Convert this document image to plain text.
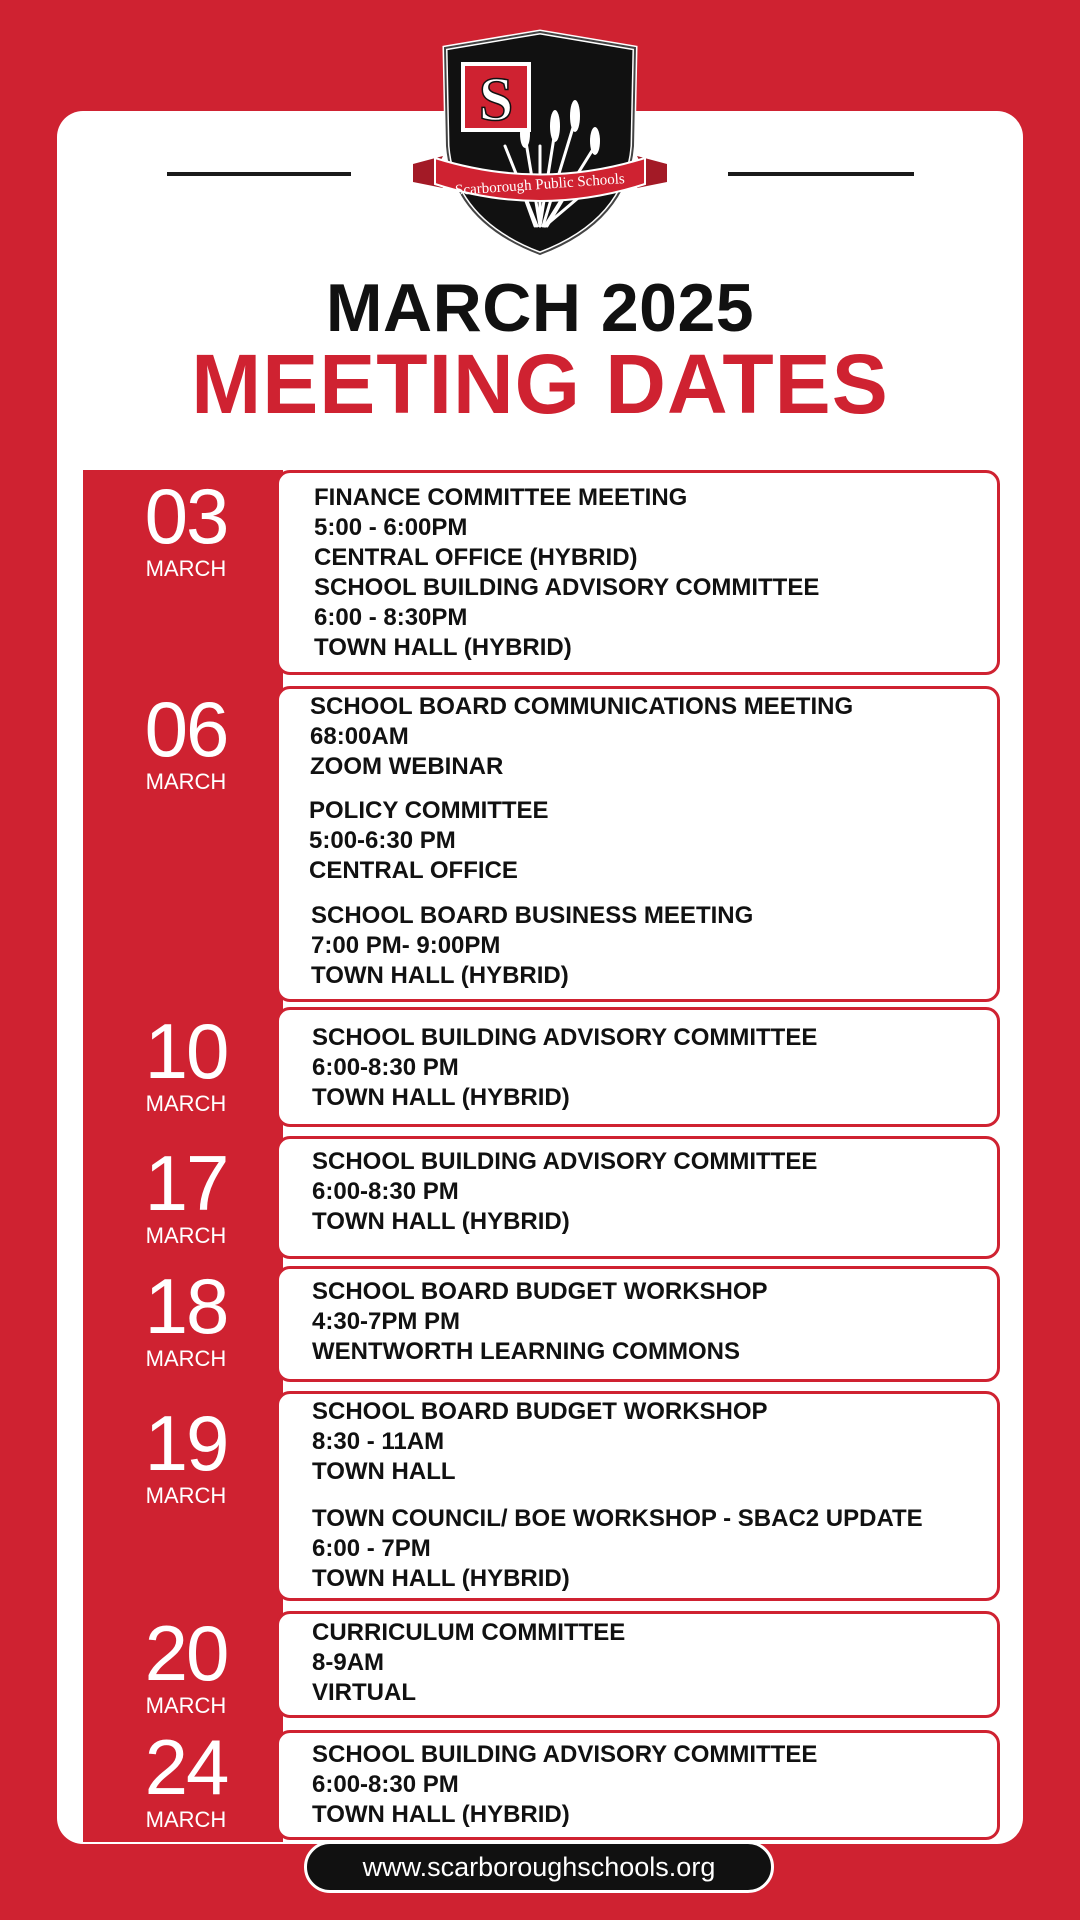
S
Scarborough Public Schools
MARCH 2025
MEETING DATES
03
MARCH
FINANCE COMMITTEE MEETING
5:00 - 6:00PM
CENTRAL OFFICE (HYBRID)
SCHOOL BUILDING ADVISORY COMMITTEE
6:00 - 8:30PM
TOWN HALL (HYBRID)
06
MARCH
SCHOOL BOARD COMMUNICATIONS MEETING
68:00AM
ZOOM WEBINAR
POLICY COMMITTEE
5:00-6:30 PM
CENTRAL OFFICE
SCHOOL BOARD BUSINESS MEETING
7:00 PM- 9:00PM
TOWN HALL (HYBRID)
10
MARCH
SCHOOL BUILDING ADVISORY COMMITTEE
6:00-8:30 PM
TOWN HALL (HYBRID)
17
MARCH
SCHOOL BUILDING ADVISORY COMMITTEE
6:00-8:30 PM
TOWN HALL (HYBRID)
18
MARCH
SCHOOL BOARD BUDGET WORKSHOP
4:30-7PM PM
WENTWORTH LEARNING COMMONS
19
MARCH
SCHOOL BOARD BUDGET WORKSHOP
8:30 - 11AM
TOWN HALL
TOWN COUNCIL/ BOE WORKSHOP - SBAC2 UPDATE
6:00 - 7PM
TOWN HALL (HYBRID)
20
MARCH
CURRICULUM COMMITTEE
8-9AM
VIRTUAL
24
MARCH
SCHOOL BUILDING ADVISORY COMMITTEE
6:00-8:30 PM
TOWN HALL (HYBRID)
www.scarboroughschools.org
